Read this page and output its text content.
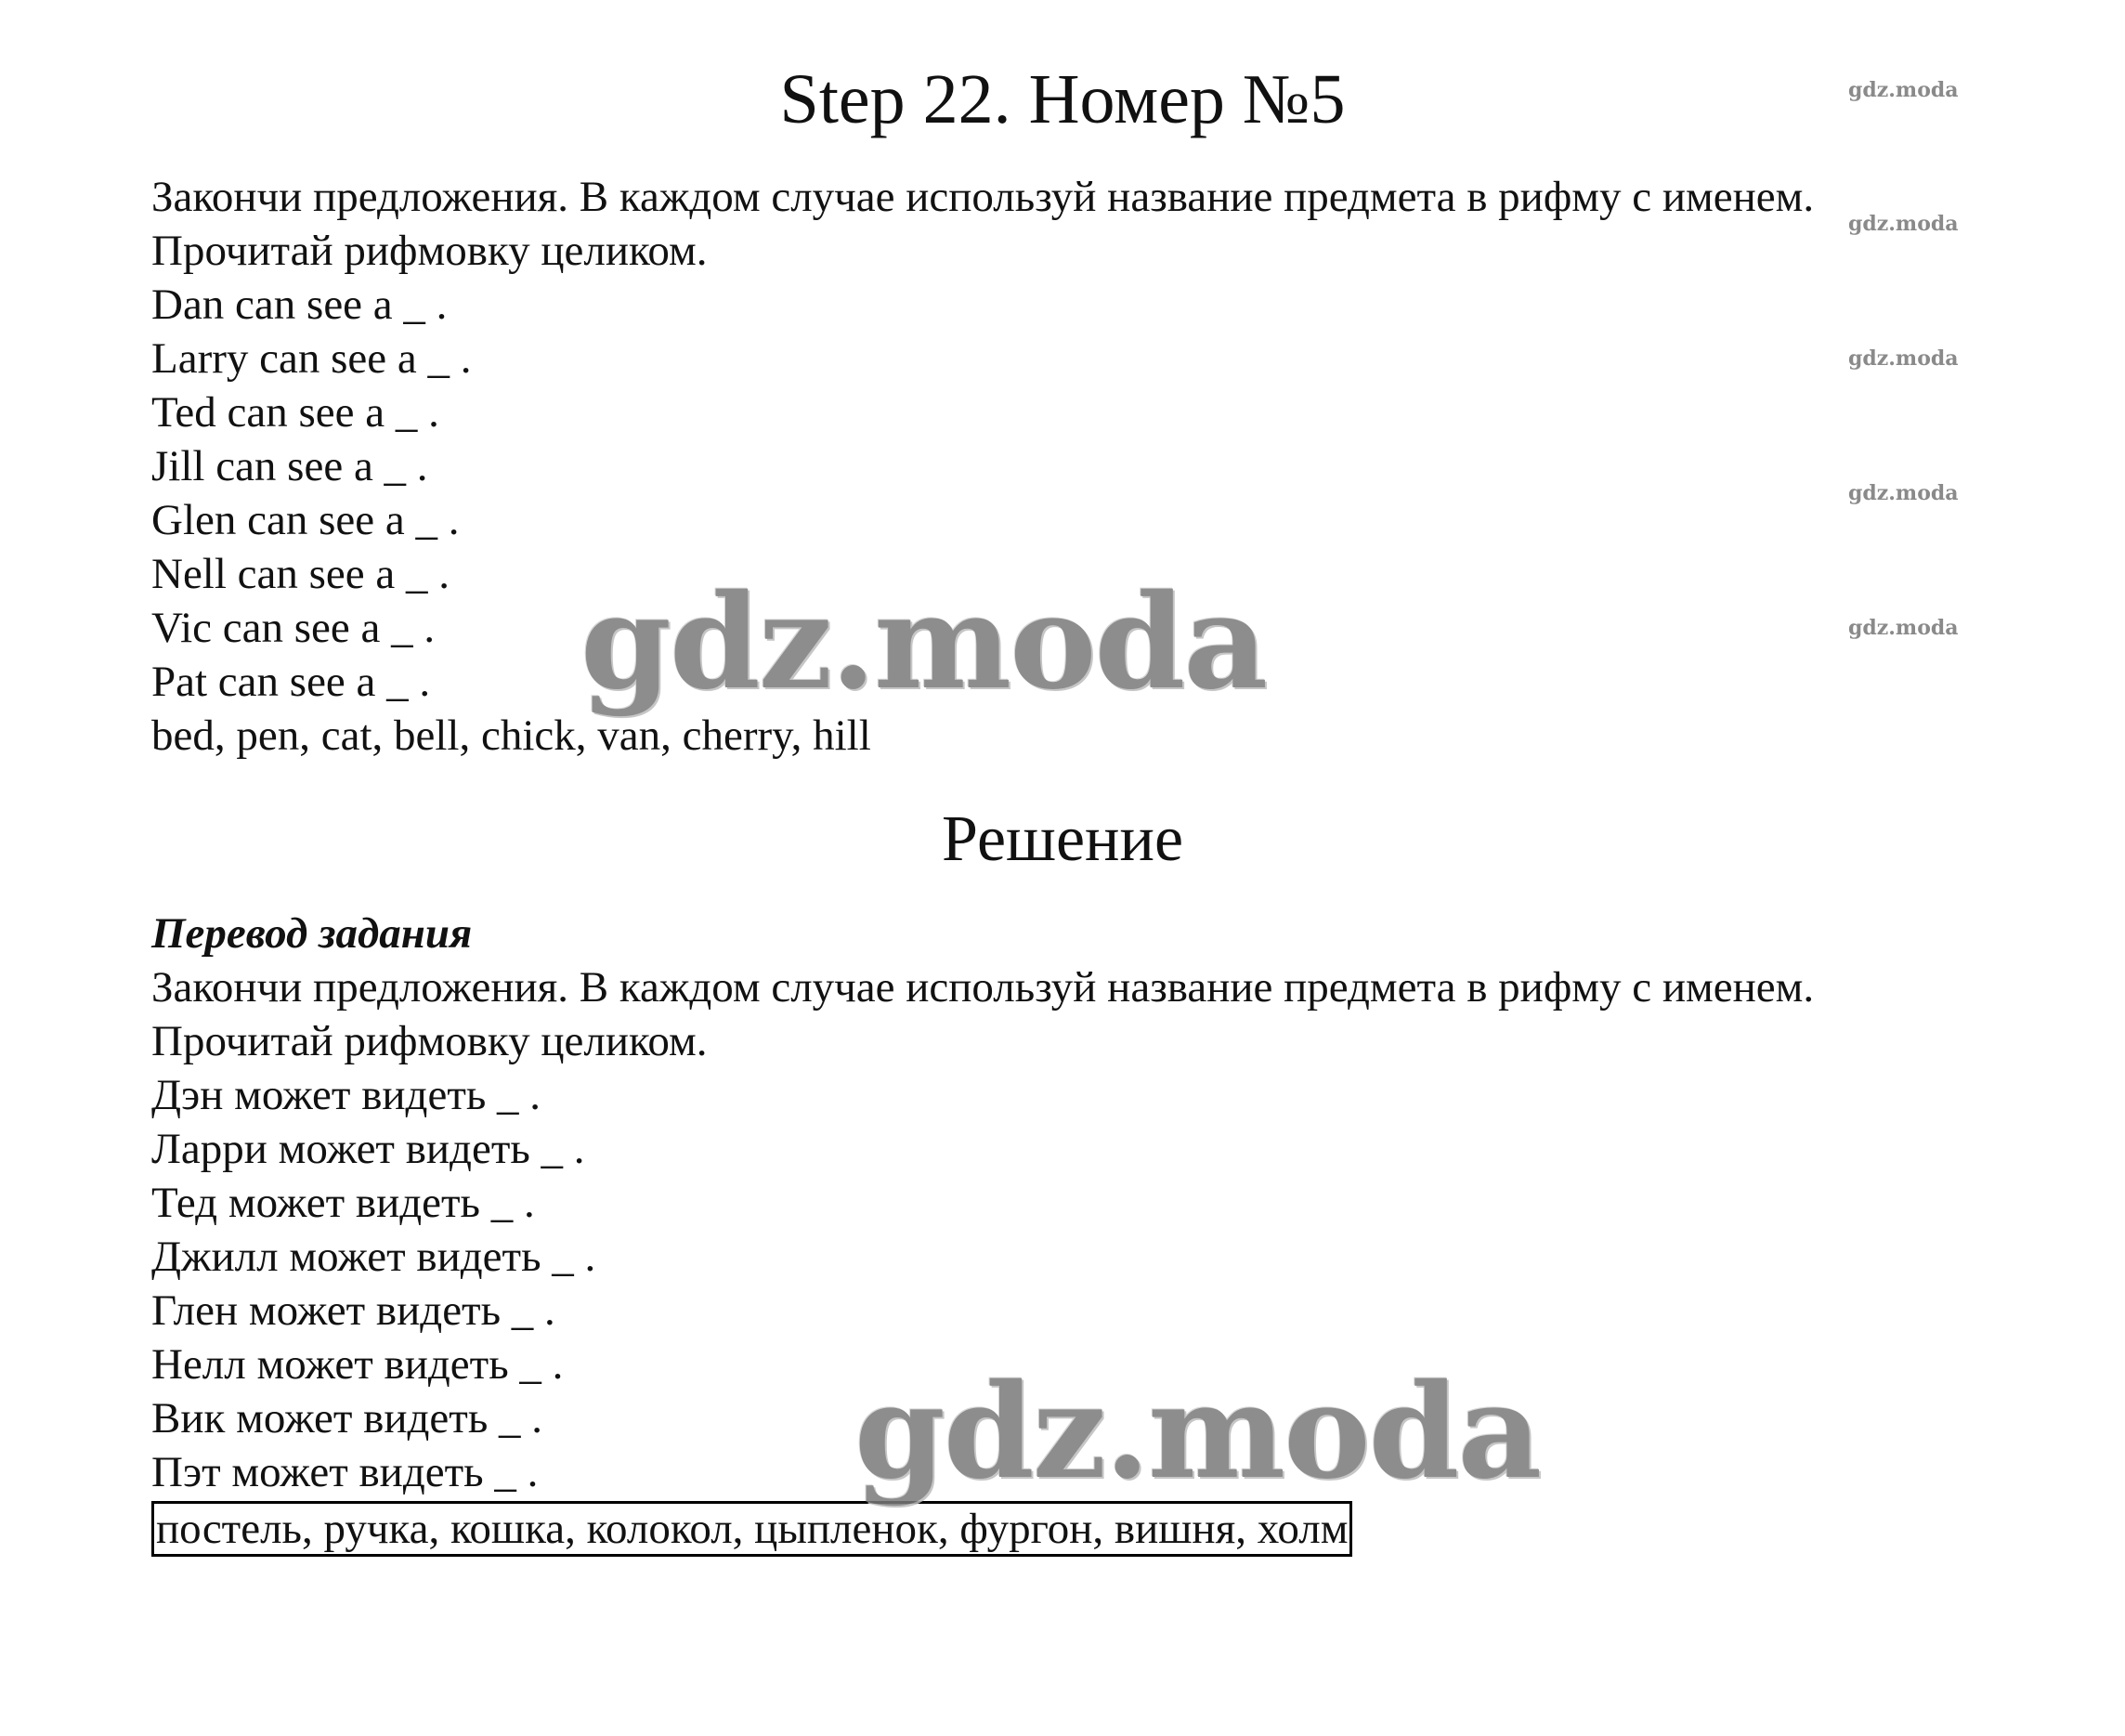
Step 22. Номер №5
Закончи предложения. В каждом случае используй название предмета в рифму с именем.
Прочитай рифмовку целиком.
Dan can see a _ .
Larry can see a _ .
Ted can see a _ .
Jill can see a _ .
Glen can see a _ .
Nell can see a _ .
Vic can see a _ .
Pat can see a _ .
bed, pen, cat, bell, chick, van, cherry, hill
Решение
Перевод задания
Закончи предложения. В каждом случае используй название предмета в рифму с именем.
Прочитай рифмовку целиком.
Дэн может видеть _ .
Ларри может видеть _ .
Тед может видеть _ .
Джилл может видеть _ .
Глен может видеть _ .
Нелл может видеть _ .
Вик может видеть _ .
Пэт может видеть _ .
постель, ручка, кошка, колокол, цыпленок, фургон, вишня, холм
gdz.moda
gdz.moda
gdz.moda
gdz.moda
gdz.moda
gdz.moda
gdz.moda
